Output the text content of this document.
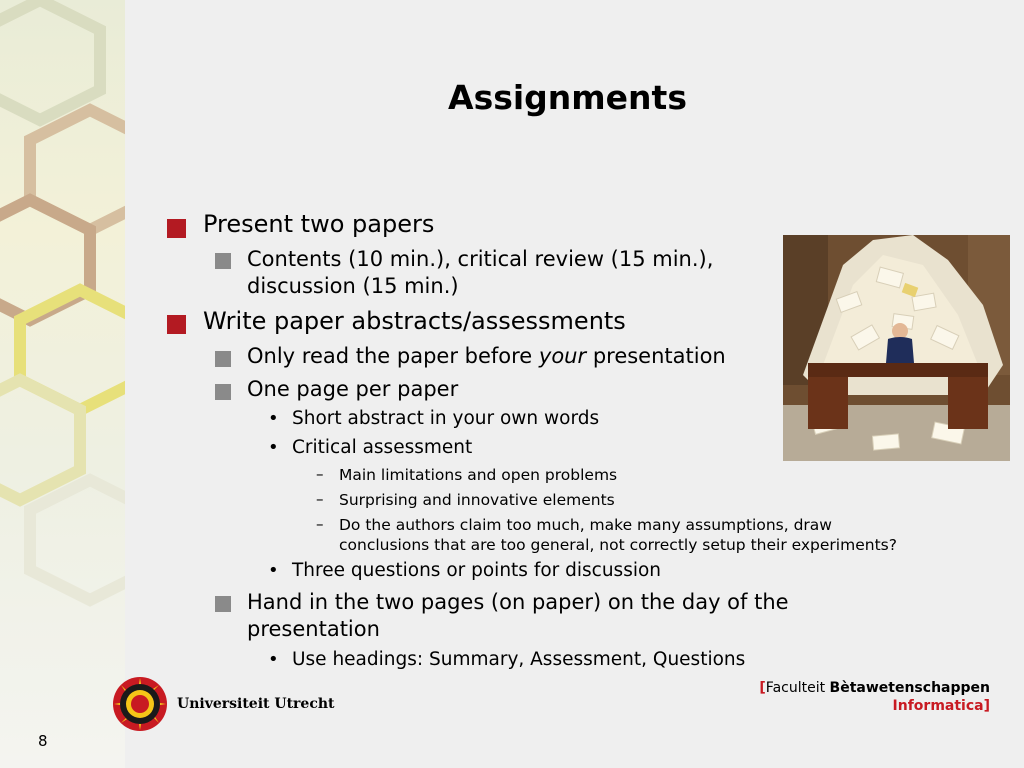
Assignments
Present two papers
Contents (10 min.), critical review (15 min.),
discussion (15 min.)
Write paper abstracts/assessments
Only read the paper before your presentation
One page per paper
• Short abstract in your own words
• Critical assessment
– Main limitations and open problems
– Surprising and innovative elements
– Do the authors claim too much, make many assumptions, draw
conclusions that are too general, not correctly setup their experiments?
• Three questions or points for discussion
Hand in the two pages (on paper) on the day of the
presentation
• Use headings: Summary, Assessment, Questions
Universiteit Utrecht
[Faculteit Bètawetenschappen
Informatica]
8
